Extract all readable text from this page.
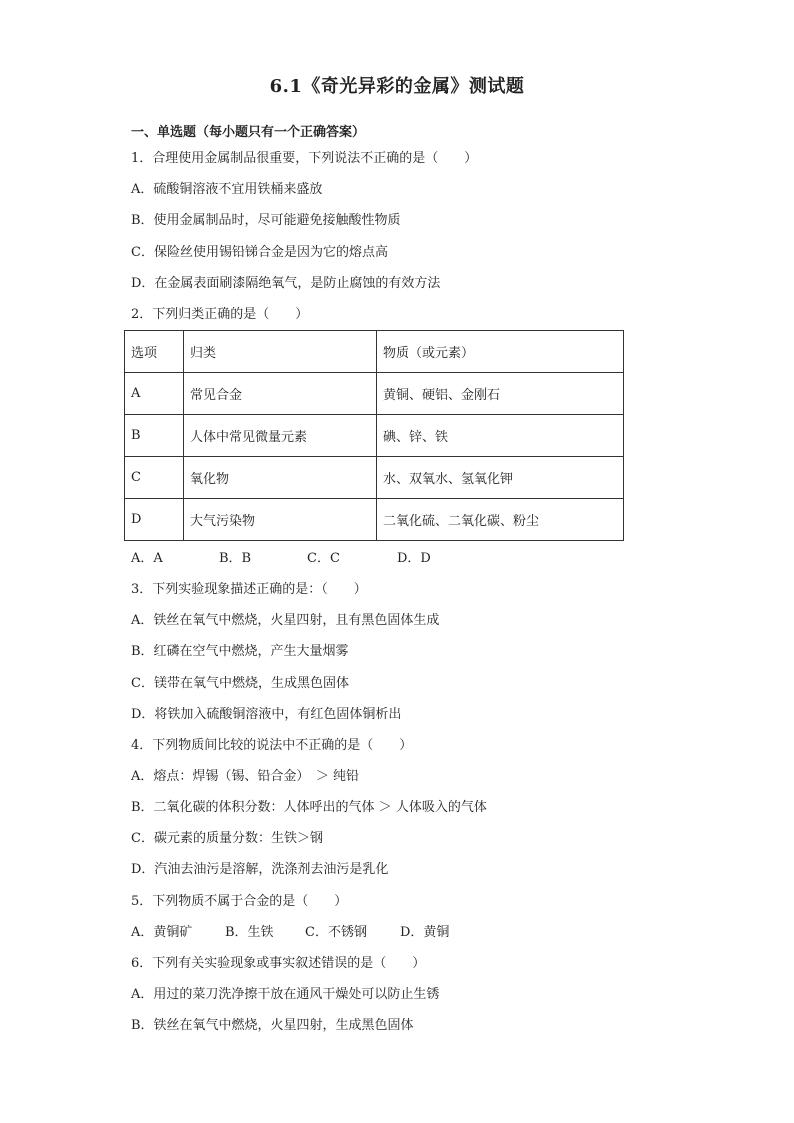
6.1《奇光异彩的金属》测试题
一、单选题（每小题只有一个正确答案）
1．合理使用金属制品很重要，下列说法不正确的是（　　）
A．硫酸铜溶液不宜用铁桶来盛放
B．使用金属制品时，尽可能避免接触酸性物质
C．保险丝使用锡铅锑合金是因为它的熔点高
D．在金属表面刷漆隔绝氧气，是防止腐蚀的有效方法
2．下列归类正确的是（　　）
选项	归类	物质（或元素）
A	常见合金	黄铜、硬铝、金刚石
B	人体中常见微量元素	碘、锌、铁
C	氧化物	水、双氧水、氢氧化钾
D	大气污染物	二氧化硫、二氧化碳、粉尘
A．A	B．B	C．C	D．D
3．下列实验现象描述正确的是：（　　）
A．铁丝在氧气中燃烧，火星四射，且有黑色固体生成
B．红磷在空气中燃烧，产生大量烟雾
C．镁带在氧气中燃烧，生成黑色固体
D．将铁加入硫酸铜溶液中，有红色固体铜析出
4．下列物质间比较的说法中不正确的是（　　）
A．熔点：焊锡（锡、铅合金）　＞ 纯铅
B．二氧化碳的体积分数：人体呼出的气体 ＞ 人体吸入的气体
C．碳元素的质量分数：生铁＞钢
D．汽油去油污是溶解，洗涤剂去油污是乳化
5．下列物质不属于合金的是（　　）
A．黄铜矿	B．生铁 C．不锈钢	D．黄铜
6．下列有关实验现象或事实叙述错误的是（　　）
A．用过的菜刀洗净擦干放在通风干燥处可以防止生锈
B．铁丝在氧气中燃烧，火星四射，生成黑色固体
